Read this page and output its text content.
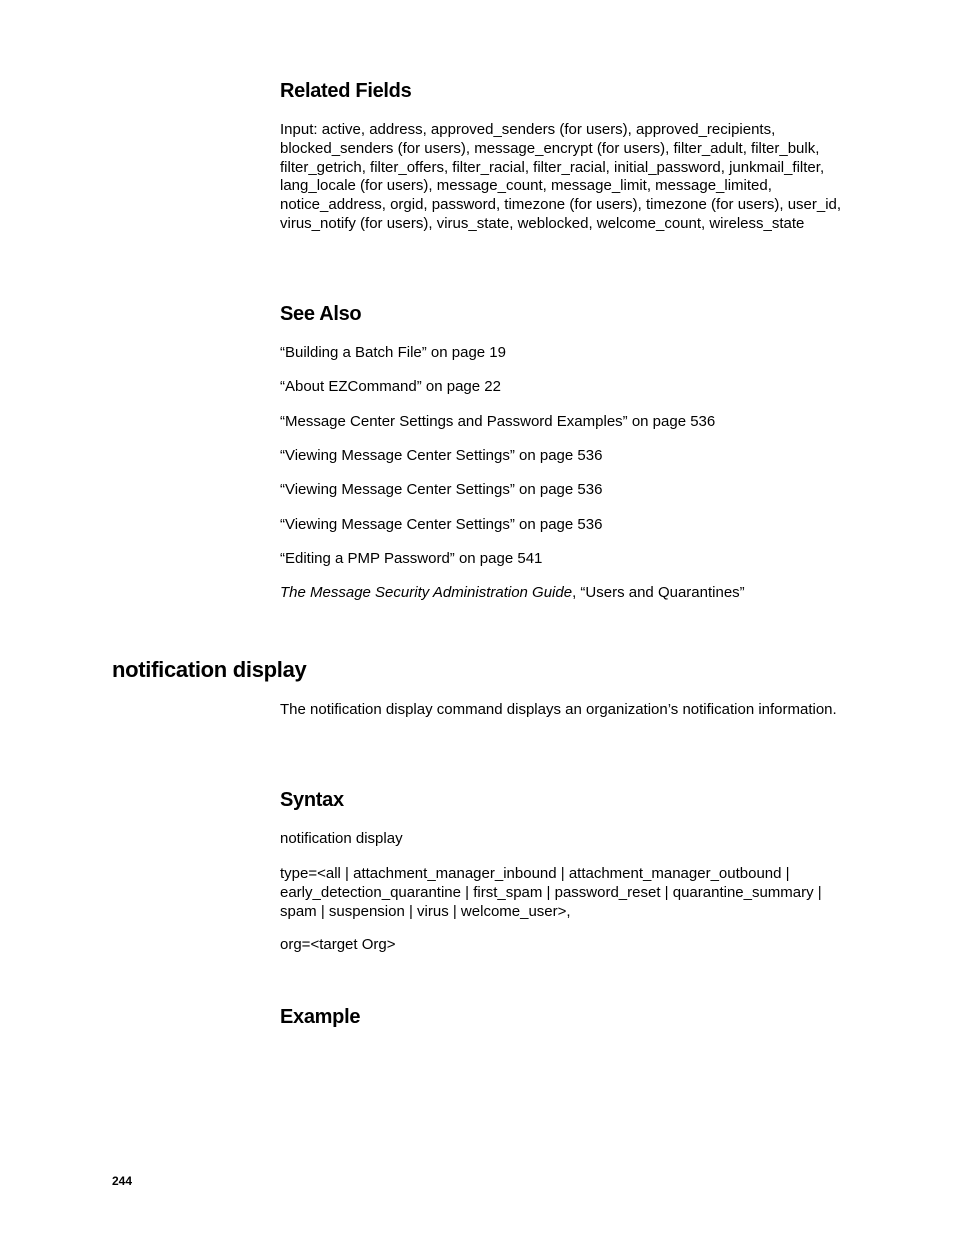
Related Fields

Input: active, address, approved_senders (for users), approved_recipients, blocked_senders (for users), message_encrypt (for users), filter_adult, filter_bulk, filter_getrich, filter_offers, filter_racial, filter_racial, initial_password, junkmail_filter, lang_locale (for users), message_count, message_limit, message_limited, notice_address, orgid, password, timezone (for users), timezone (for users), user_id, virus_notify (for users), virus_state, weblocked, welcome_count, wireless_state

See Also

“Building a Batch File” on page 19

“About EZCommand” on page 22

“Message Center Settings and Password Examples” on page 536

“Viewing Message Center Settings” on page 536

“Viewing Message Center Settings” on page 536

“Viewing Message Center Settings” on page 536

“Editing a PMP Password” on page 541

The Message Security Administration Guide, “Users and Quarantines”

notification display

The notification display command displays an organization’s notification information.

Syntax

notification display

type=<all | attachment_manager_inbound | attachment_manager_outbound | early_detection_quarantine | first_spam | password_reset | quarantine_summary | spam | suspension | virus | welcome_user>,

org=<target Org>

Example

244
